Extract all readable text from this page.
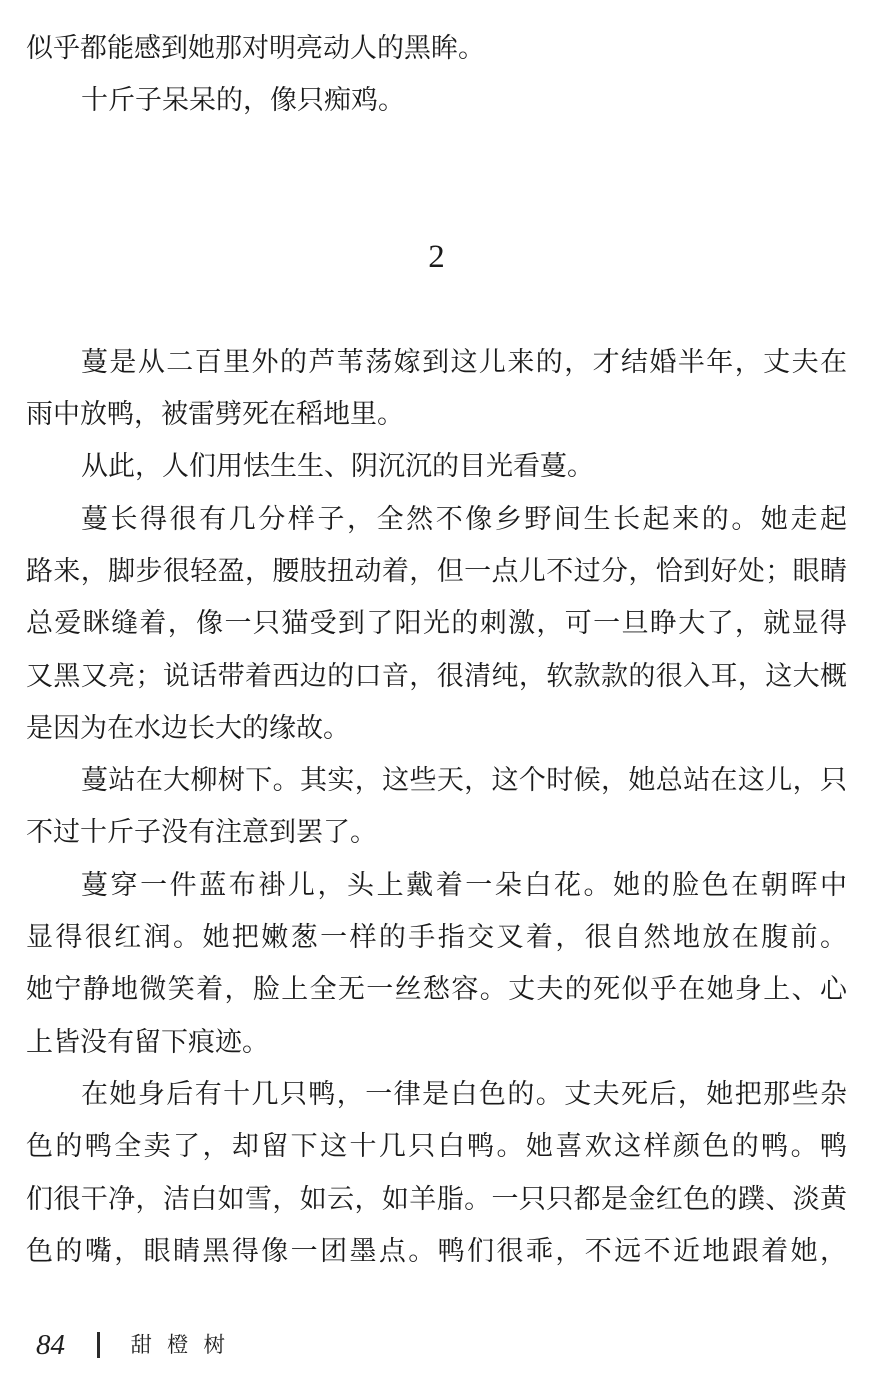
似乎都能感到她那对明亮动人的黑眸。
十斤子呆呆的，像只痴鸡。
2
蔓是从二百里外的芦苇荡嫁到这儿来的，才结婚半年，丈夫在
雨中放鸭，被雷劈死在稻地里。
从此，人们用怯生生、阴沉沉的目光看蔓。
蔓长得很有几分样子，全然不像乡野间生长起来的。她走起
路来，脚步很轻盈，腰肢扭动着，但一点儿不过分，恰到好处；眼睛
总爱眯缝着，像一只猫受到了阳光的刺激，可一旦睁大了，就显得
又黑又亮；说话带着西边的口音，很清纯，软款款的很入耳，这大概
是因为在水边长大的缘故。
蔓站在大柳树下。其实，这些天，这个时候，她总站在这儿，只
不过十斤子没有注意到罢了。
蔓穿一件蓝布褂儿，头上戴着一朵白花。她的脸色在朝晖中
显得很红润。她把嫩葱一样的手指交叉着，很自然地放在腹前。
她宁静地微笑着，脸上全无一丝愁容。丈夫的死似乎在她身上、心
上皆没有留下痕迹。
在她身后有十几只鸭，一律是白色的。丈夫死后，她把那些杂
色的鸭全卖了，却留下这十几只白鸭。她喜欢这样颜色的鸭。鸭
们很干净，洁白如雪，如云，如羊脂。一只只都是金红色的蹼、淡黄
色的嘴，眼睛黑得像一团墨点。鸭们很乖，不远不近地跟着她，
84	甜橙树
